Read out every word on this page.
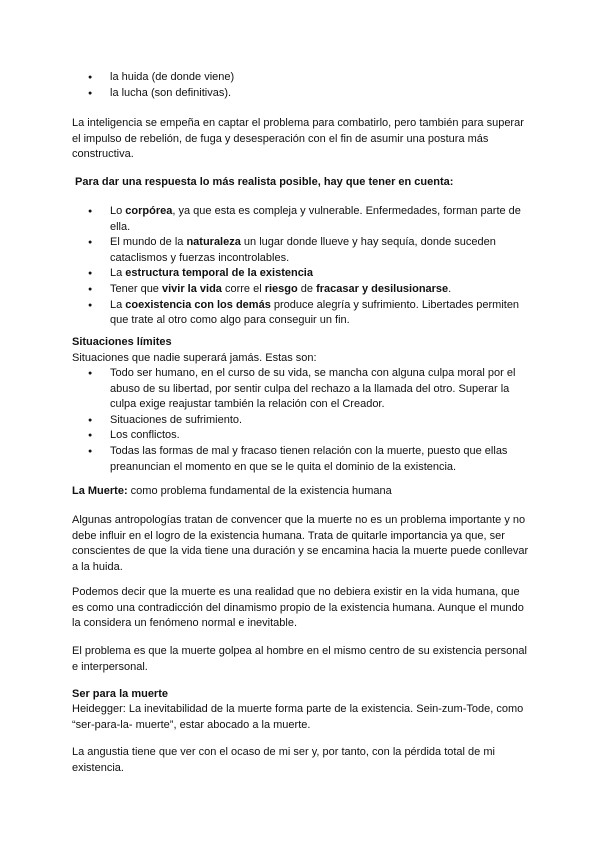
● la huida (de donde viene)
● la lucha (son definitivas).

La inteligencia se empeña en captar el problema para combatirlo, pero también para superar el impulso de rebelión, de fuga y desesperación con el fin de asumir una postura más constructiva.

Para dar una respuesta lo más realista posible, hay que tener en cuenta:

● Lo corpórea, ya que esta es compleja y vulnerable. Enfermedades, forman parte de ella.
● El mundo de la naturaleza un lugar donde llueve y hay sequía, donde suceden cataclismos y fuerzas incontrolables.
● La estructura temporal de la existencia
● Tener que vivir la vida corre el riesgo de fracasar y desilusionarse.
● La coexistencia con los demás produce alegría y sufrimiento. Libertades permiten que trate al otro como algo para conseguir un fin.

Situaciones límites

Situaciones que nadie superará jamás. Estas son:

● Todo ser humano, en el curso de su vida, se mancha con alguna culpa moral por el abuso de su libertad, por sentir culpa del rechazo a la llamada del otro. Superar la culpa exige reajustar también la relación con el Creador.
● Situaciones de sufrimiento.
● Los conflictos.
● Todas las formas de mal y fracaso tienen relación con la muerte, puesto que ellas preanuncian el momento en que se le quita el dominio de la existencia.

La Muerte: como problema fundamental de la existencia humana

Algunas antropologías tratan de convencer que la muerte no es un problema importante y no debe influir en el logro de la existencia humana. Trata de quitarle importancia ya que, ser conscientes de que la vida tiene una duración y se encamina hacia la muerte puede conllevar a la huida.

Podemos decir que la muerte es una realidad que no debiera existir en la vida humana, que es como una contradicción del dinamismo propio de la existencia humana. Aunque el mundo la considera un fenómeno normal e inevitable.

El problema es que la muerte golpea al hombre en el mismo centro de su existencia personal e interpersonal.

Ser para la muerte

Heidegger: La inevitabilidad de la muerte forma parte de la existencia. Sein-zum-Tode, como “ser-para-la- muerte”, estar abocado a la muerte.

La angustia tiene que ver con el ocaso de mi ser y, por tanto, con la pérdida total de mi existencia.
